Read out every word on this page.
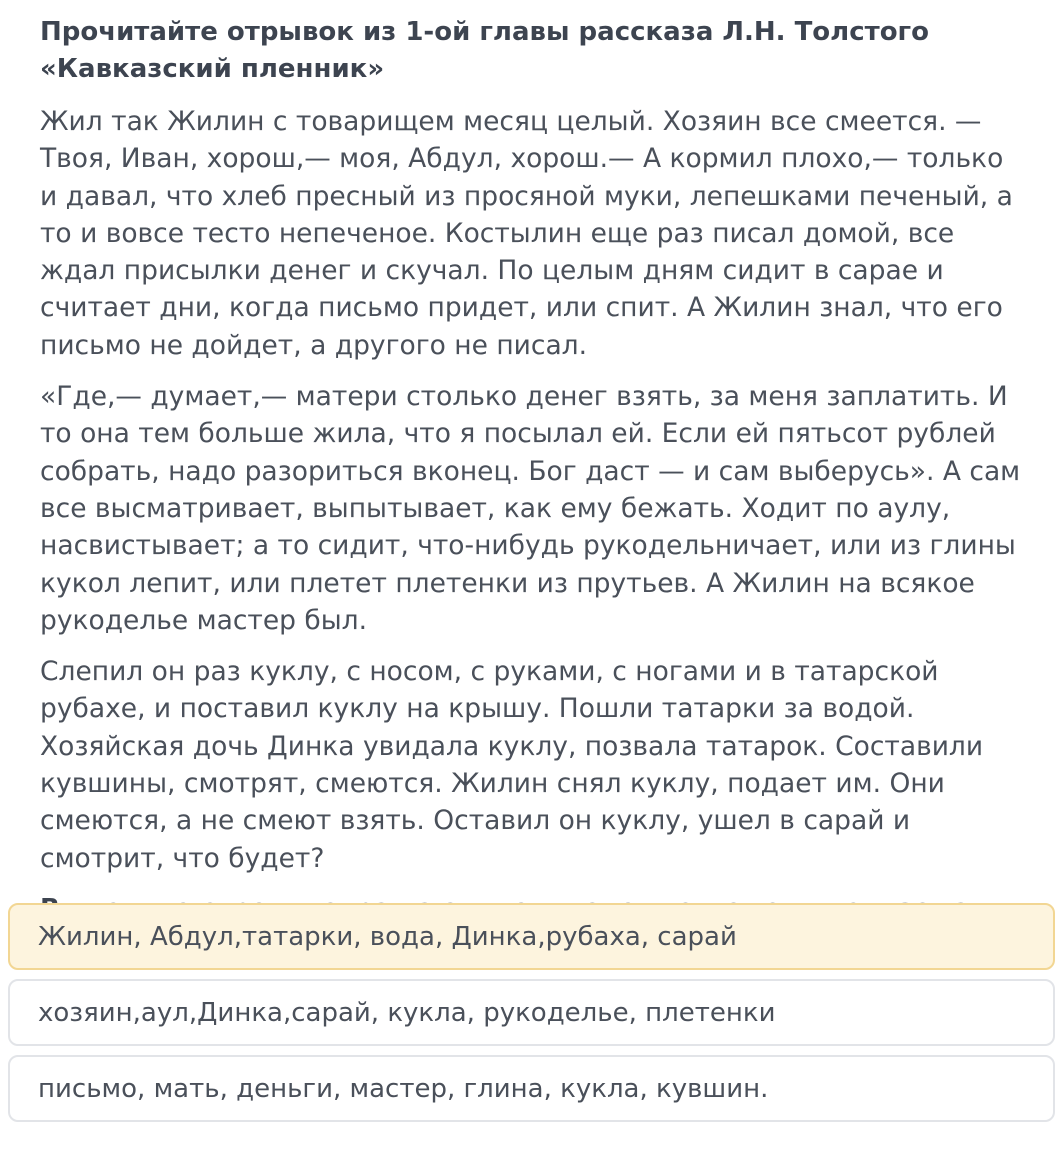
Прочитайте отрывок из 1-ой главы рассказа Л.Н. Толстого «Кавказский пленник»

Жил так Жилин с товарищем месяц целый. Хозяин все смеется. — Твоя, Иван, хорош,— моя, Абдул, хорош.— А кормил плохо,— только и давал, что хлеб пресный из просяной муки, лепешками печеный, а то и вовсе тесто непеченое. Костылин еще раз писал домой, все ждал присылки денег и скучал. По целым дням сидит в сарае и считает дни, когда письмо придет, или спит. А Жилин знал, что его письмо не дойдет, а другого не писал.

«Где,— думает,— матери столько денег взять, за меня заплатить. И то она тем больше жила, что я посылал ей. Если ей пятьсот рублей собрать, надо разориться вконец. Бог даст — и сам выберусь». А сам все высматривает, выпытывает, как ему бежать. Ходит по аулу, насвистывает; а то сидит, что-нибудь рукодельничает, или из глины кукол лепит, или плетет плетенки из прутьев. А Жилин на всякое рукоделье мастер был.

Слепил он раз куклу, с носом, с руками, с ногами и в татарской рубахе, и поставил куклу на крышу. Пошли татарки за водой. Хозяйская дочь Динка увидала куклу, позвала татарок. Составили кувшины, смотрят, смеются. Жилин снял куклу, подает им. Они смеются, а не смеют взять. Оставил он куклу, ушел в сарай и смотрит, что будет?

Жилин, Абдул,татарки, вода, Динка,рубаха, сарай
хозяин,аул,Динка,сарай, кукла, рукоделье, плетенки
письмо, мать, деньги, мастер, глина, кукла, кувшин.
